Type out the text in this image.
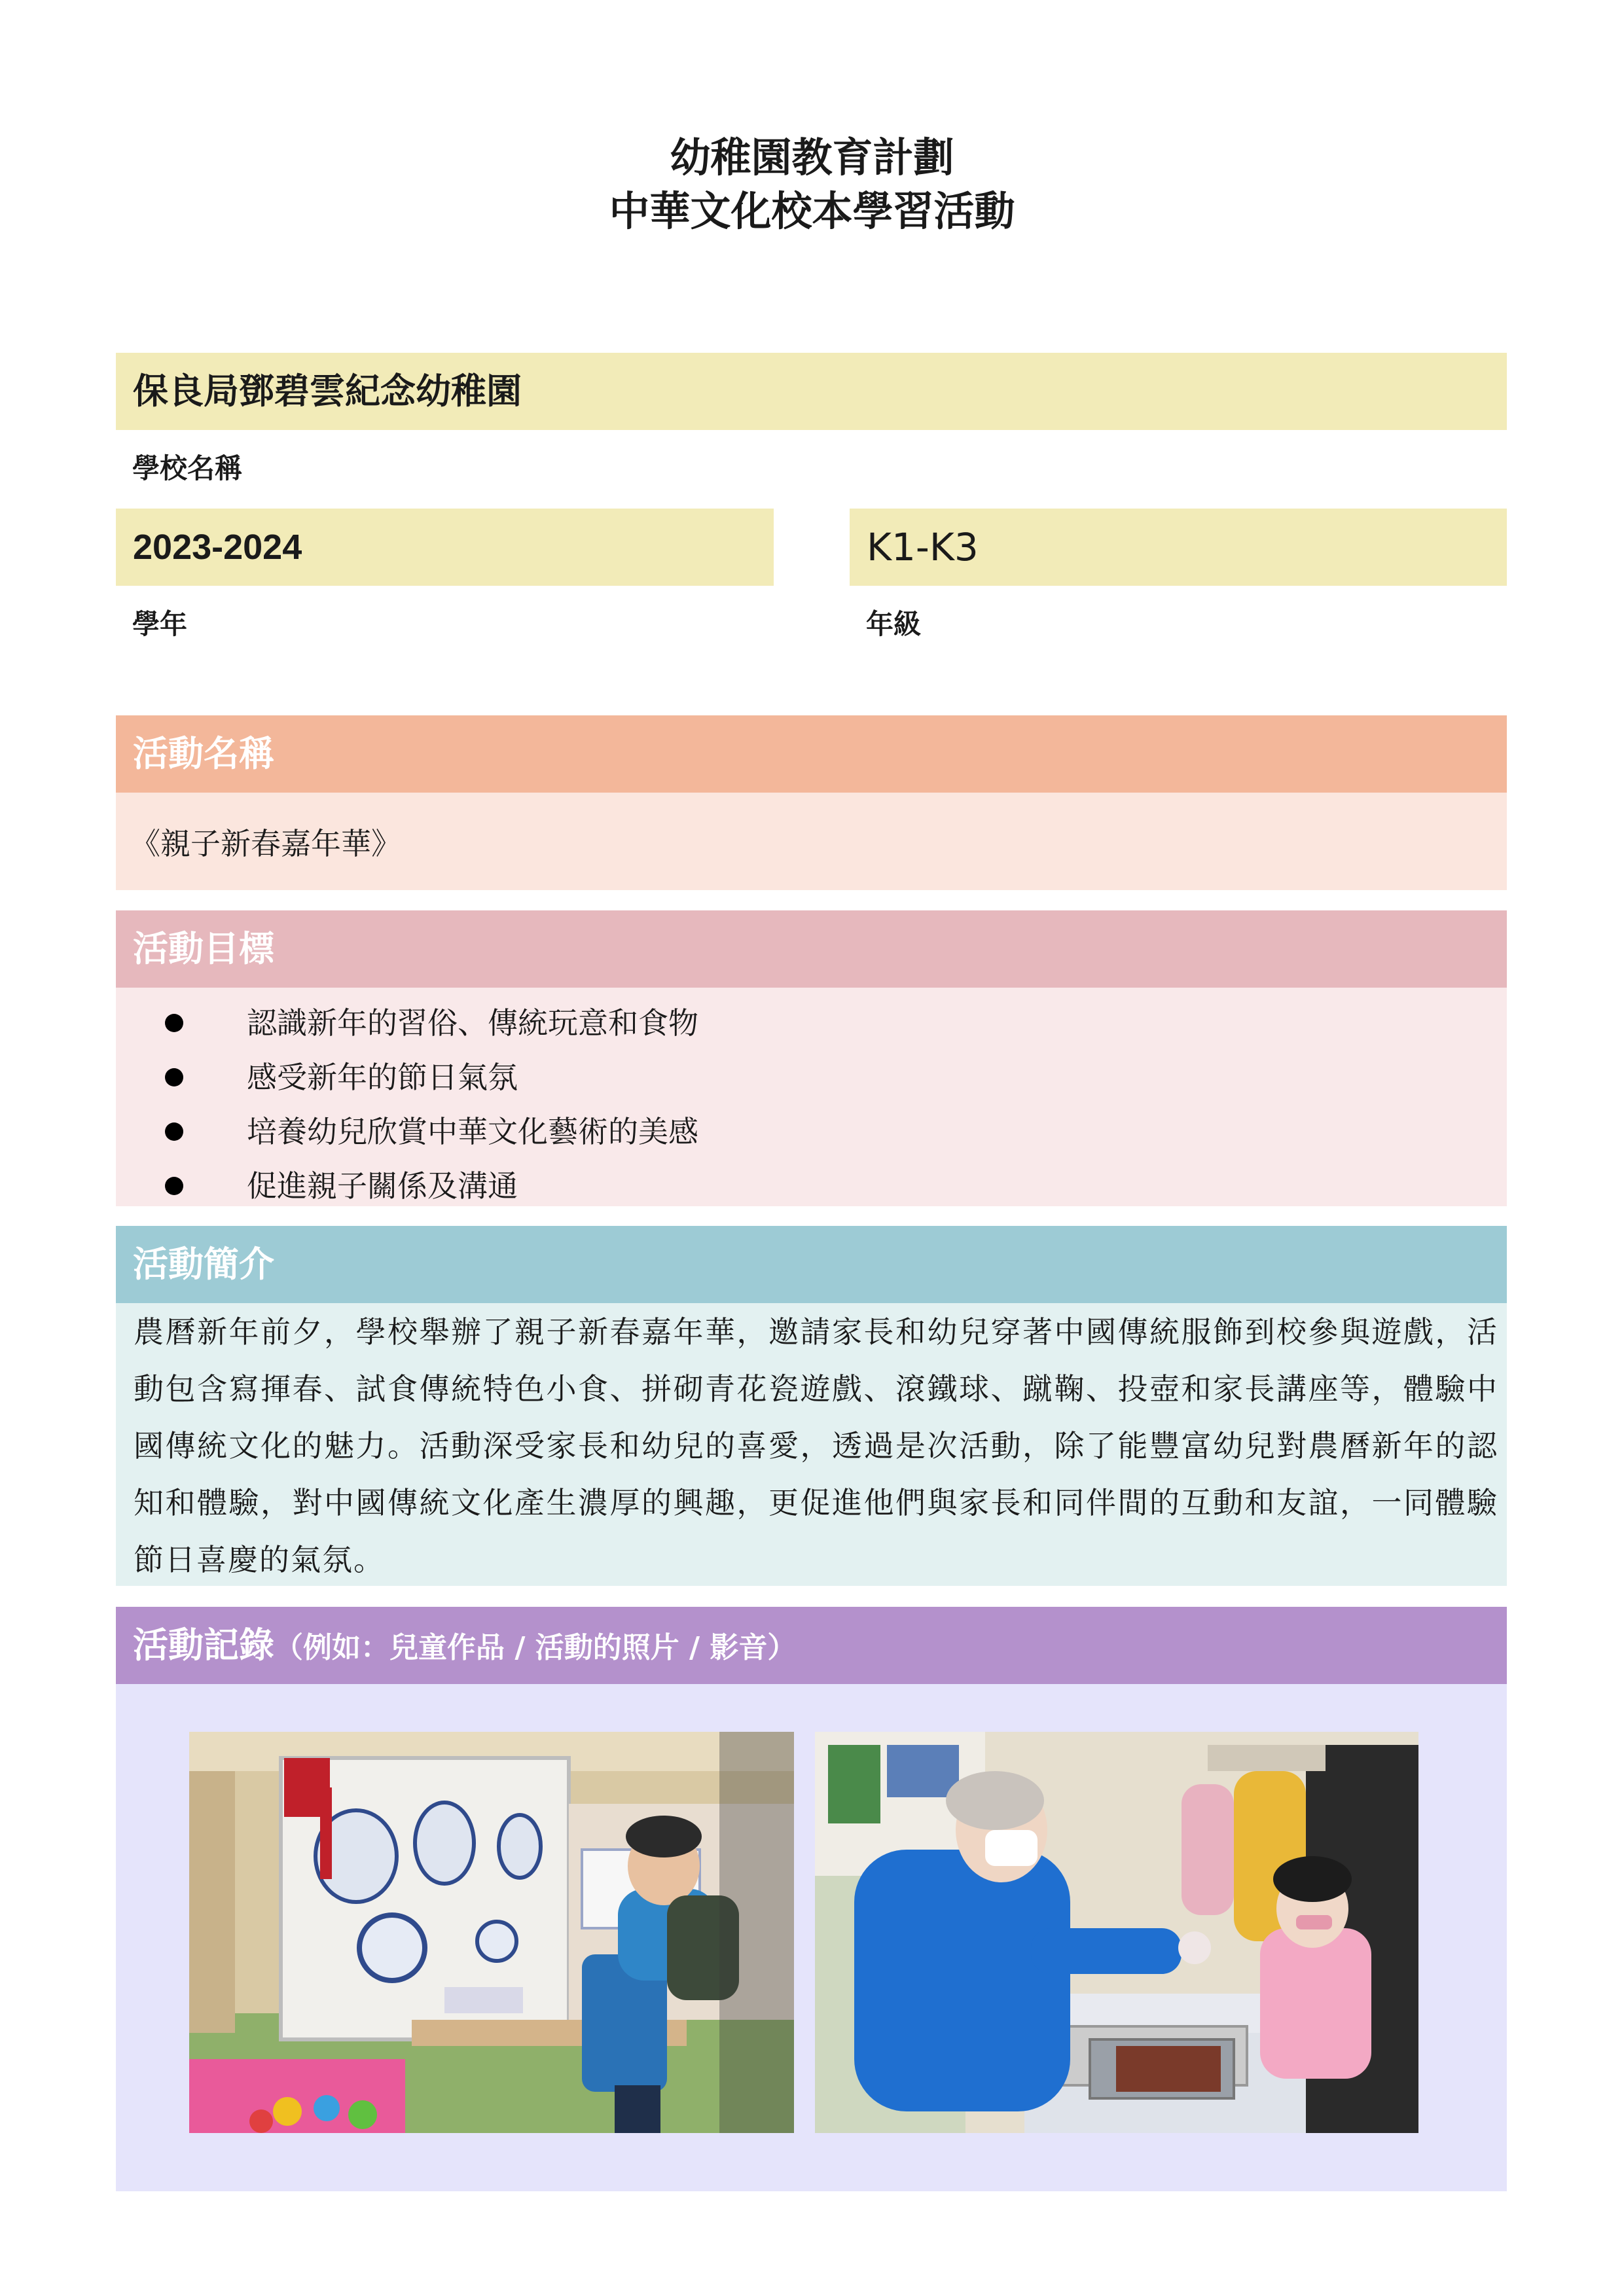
幼稚園教育計劃
中華文化校本學習活動
保良局鄧碧雲紀念幼稚園
學校名稱
2023-2024
學年
K1-K3
年級
活動名稱
《親子新春嘉年華》
活動目標
認識新年的習俗、傳統玩意和食物
感受新年的節日氣氛
培養幼兒欣賞中華文化藝術的美感
促進親子關係及溝通
活動簡介
農曆新年前夕，學校舉辦了親子新春嘉年華，邀請家長和幼兒穿著中國傳統服飾到校參與遊戲，活動包含寫揮春、試食傳統特色小食、拼砌青花瓷遊戲、滾鐵球、蹴鞠、投壺和家長講座等，體驗中國傳統文化的魅力。活動深受家長和幼兒的喜愛，透過是次活動，除了能豐富幼兒對農曆新年的認知和體驗，對中國傳統文化產生濃厚的興趣，更促進他們與家長和同伴間的互動和友誼，一同體驗節日喜慶的氣氛。
活動記錄（例如：兒童作品 / 活動的照片 / 影音）
